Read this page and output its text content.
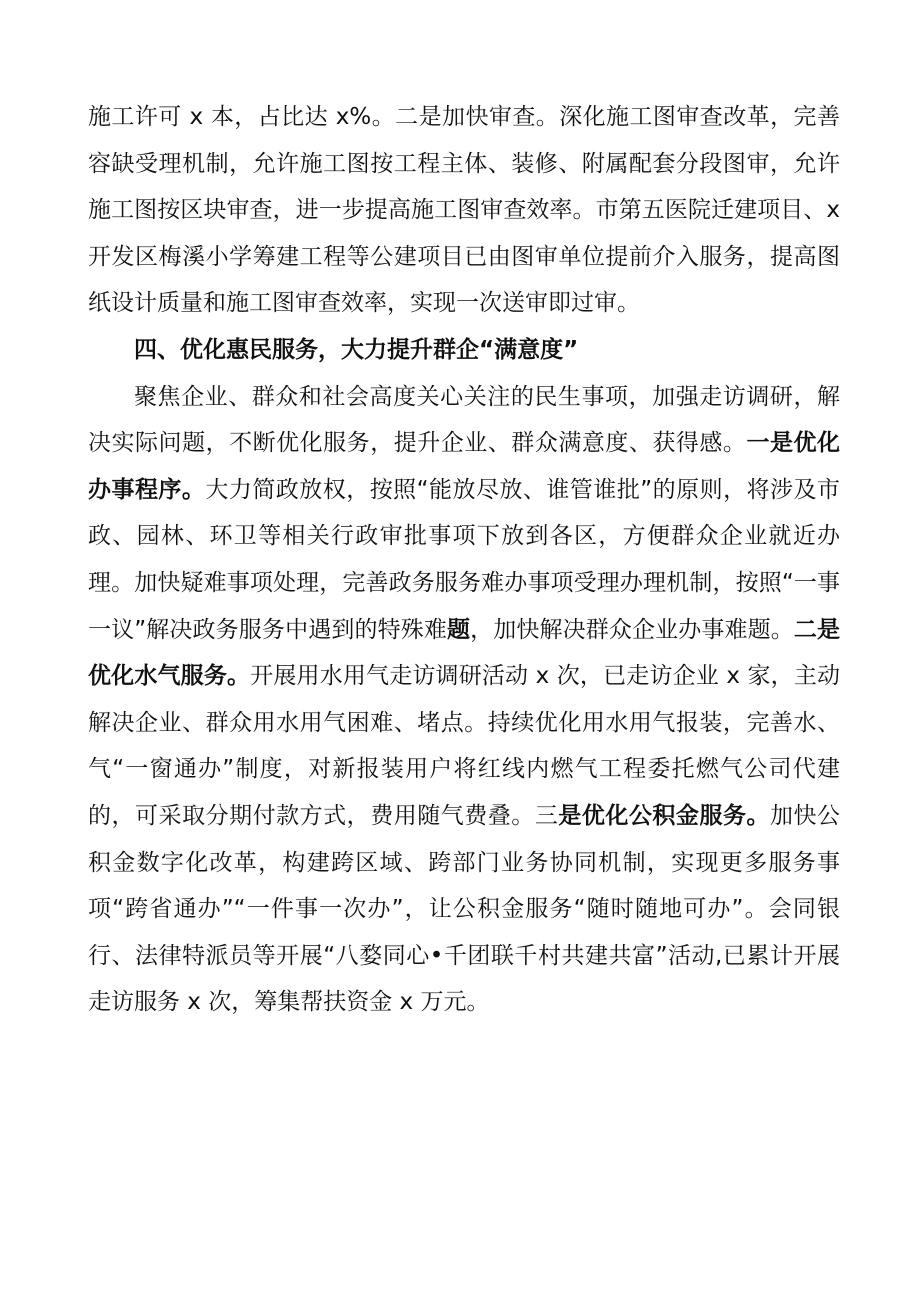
施工许可 x 本，占比达 x%。二是加快审查。深化施工图审查改革，完善容缺受理机制，允许施工图按工程主体、装修、附属配套分段图审，允许施工图按区块审查，进一步提高施工图审查效率。市第五医院迁建项目、x 开发区梅溪小学筹建工程等公建项目已由图审单位提前介入服务，提高图纸设计质量和施工图审查效率，实现一次送审即过审。

四、优化惠民服务，大力提升群企“满意度”

聚焦企业、群众和社会高度关心关注的民生事项，加强走访调研，解决实际问题，不断优化服务，提升企业、群众满意度、获得感。一是优化办事程序。大力简政放权，按照“能放尽放、谁管谁批”的原则，将涉及市政、园林、环卫等相关行政审批事项下放到各区，方便群众企业就近办理。加快疑难事项处理，完善政务服务难办事项受理办理机制，按照“一事一议”解决政务服务中遇到的特殊难题，加快解决群众企业办事难题。二是优化水气服务。开展用水用气走访调研活动 x 次，已走访企业 x 家，主动解决企业、群众用水用气困难、堵点。持续优化用水用气报装，完善水、气“一窗通办”制度，对新报装用户将红线内燃气工程委托燃气公司代建的，可采取分期付款方式，费用随气费叠。三是优化公积金服务。加快公积金数字化改革，构建跨区域、跨部门业务协同机制，实现更多服务事项“跨省通办”“一件事一次办”，让公积金服务“随时随地可办”。会同银行、法律特派员等开展“八婺同心•千团联千村共建共富”活动,已累计开展走访服务 x 次，筹集帮扶资金 x 万元。
